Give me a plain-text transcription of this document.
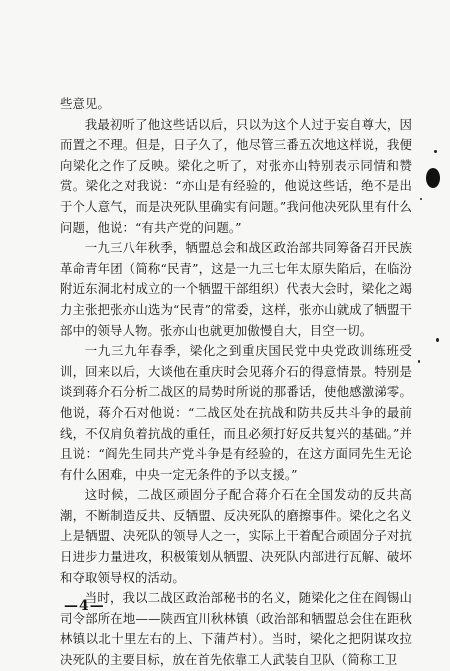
些意见。

我最初听了他这些话以后，只以为这个人过于妄自尊大，因而置之不理。但是，日子久了，他尽管三番五次地这样说，我便向梁化之作了反映。梁化之听了，对张亦山特别表示同情和赞赏。梁化之对我说：“亦山是有经验的，他说这些话，绝不是出于个人意气，而是决死队里确实有问题。”我问他决死队里有什么问题，他说：“有共产党的问题。”

一九三八年秋季，牺盟总会和战区政治部共同筹备召开民族革命青年团（简称“民青”，这是一九三七年太原失陷后，在临汾附近东洞北村成立的一个牺盟干部组织）代表大会时，梁化之竭力主张把张亦山选为“民青”的常委，这样，张亦山就成了牺盟干部中的领导人物。张亦山也就更加傲慢自大，目空一切。

一九三九年春季，梁化之到重庆国民党中央党政训练班受训，回来以后，大谈他在重庆时会见蒋介石的得意情景。特别是谈到蒋介石分析二战区的局势时所说的那番话，使他感激涕零。他说，蒋介石对他说：“二战区处在抗战和防共反共斗争的最前线，不仅肩负着抗战的重任，而且必须打好反共复兴的基础。”并且说：“阎先生同共产党斗争是有经验的，在这方面同先生无论有什么困难，中央一定无条件的予以支援。”

这时候，二战区顽固分子配合蒋介石在全国发动的反共高潮，不断制造反共、反牺盟、反决死队的磨擦事件。梁化之名义上是牺盟、决死队的领导人之一，实际上干着配合顽固分子对抗日进步力量进攻，积极策划从牺盟、决死队内部进行瓦解、破坏和夺取领导权的活动。

当时，我以二战区政治部秘书的名义，随梁化之住在阎锡山司令部所在地——陕西宜川秋林镇（政治部和牺盟总会住在距秋林镇以北十里左右的上、下蒲芦村）。当时，梁化之把阴谋攻拉决死队的主要目标，放在首先依靠工人武装自卫队（简称工卫

—4—
